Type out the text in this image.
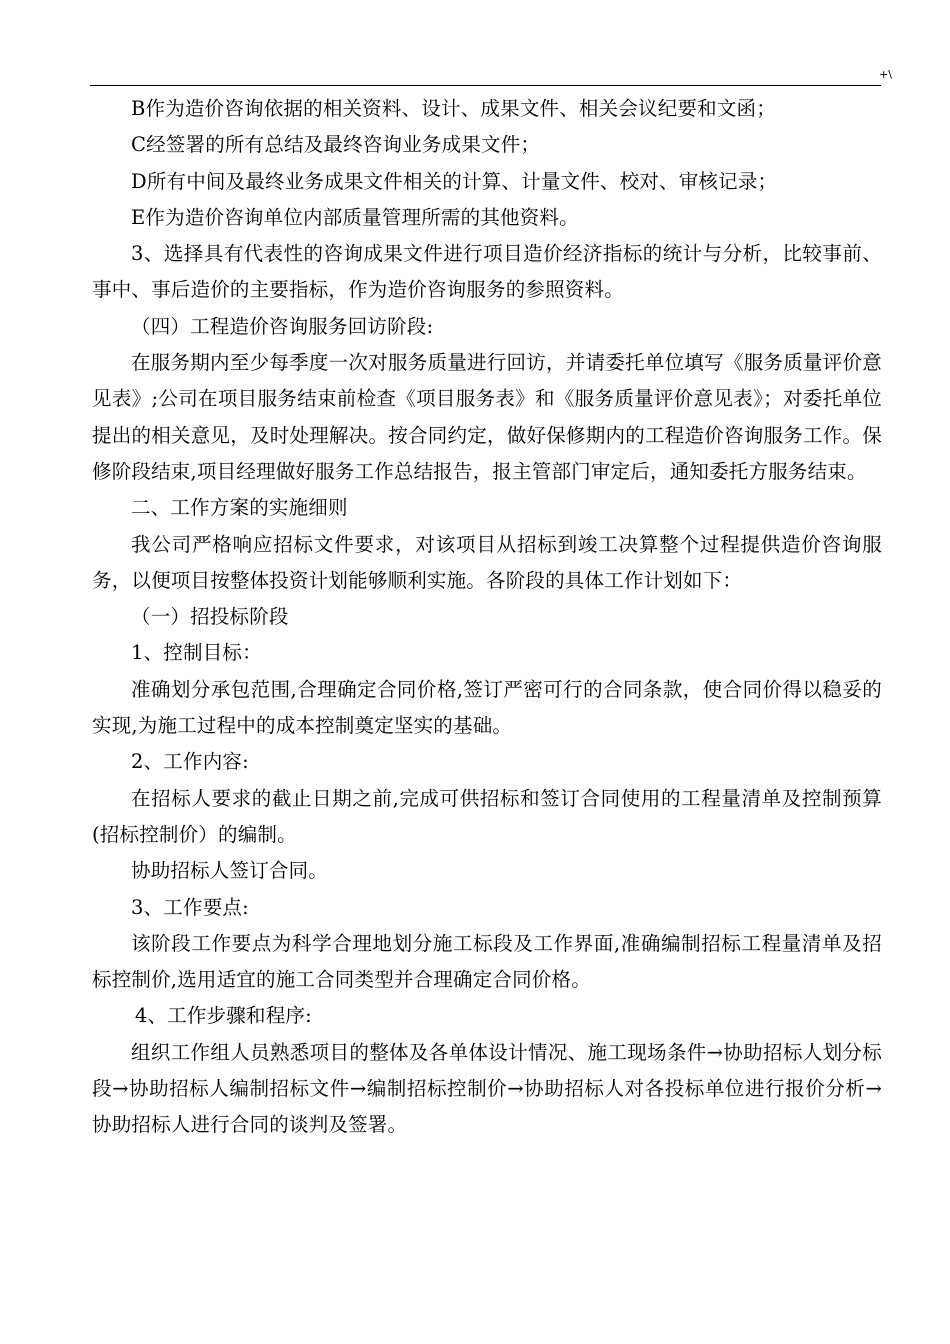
+\

B作为造价咨询依据的相关资料、设计、成果文件、相关会议纪要和文函；

C经签署的所有总结及最终咨询业务成果文件；

D所有中间及最终业务成果文件相关的计算、计量文件、校对、审核记录；

E作为造价咨询单位内部质量管理所需的其他资料。

3、选择具有代表性的咨询成果文件进行项目造价经济指标的统计与分析，比较事前、事中、事后造价的主要指标，作为造价咨询服务的参照资料。

（四）工程造价咨询服务回访阶段:

在服务期内至少每季度一次对服务质量进行回访，并请委托单位填写《服务质量评价意见表》;公司在项目服务结束前检查《项目服务表》和《服务质量评价意见表》；对委托单位提出的相关意见，及时处理解决。按合同约定，做好保修期内的工程造价咨询服务工作。保修阶段结束,项目经理做好服务工作总结报告，报主管部门审定后，通知委托方服务结束。

二、工作方案的实施细则

我公司严格响应招标文件要求，对该项目从招标到竣工决算整个过程提供造价咨询服务，以便项目按整体投资计划能够顺利实施。各阶段的具体工作计划如下：

（一）招投标阶段

1、控制目标：

准确划分承包范围,合理确定合同价格,签订严密可行的合同条款，使合同价得以稳妥的实现,为施工过程中的成本控制奠定坚实的基础。

2、工作内容:

在招标人要求的截止日期之前,完成可供招标和签订合同使用的工程量清单及控制预算(招标控制价）的编制。

协助招标人签订合同。

3、工作要点:

该阶段工作要点为科学合理地划分施工标段及工作界面,准确编制招标工程量清单及招标控制价,选用适宜的施工合同类型并合理确定合同价格。

4、工作步骤和程序:

组织工作组人员熟悉项目的整体及各单体设计情况、施工现场条件→协助招标人划分标段→协助招标人编制招标文件→编制招标控制价→协助招标人对各投标单位进行报价分析→协助招标人进行合同的谈判及签署。
